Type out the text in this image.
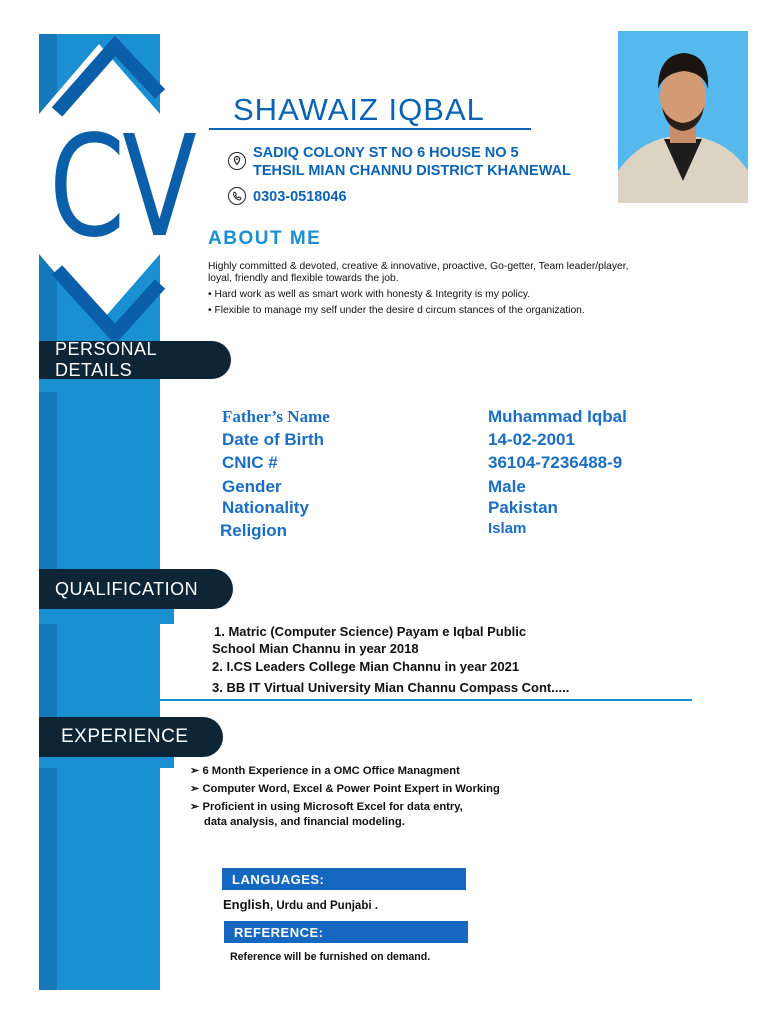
CV SHAWAIZ IQBAL
SADIQ COLONY ST NO 6 HOUSE NO 5
TEHSIL MIAN CHANNU DISTRICT KHANEWAL
0303-0518046
ABOUT ME

Highly committed & devoted, creative & innovative, proactive, Go-getter, Team leader/player, loyal, friendly and flexible towards the job.

• Hard work as well as smart work with honesty & Integrity is my policy.

• Flexible to manage my self under the desire d circum stances of the organization.

PERSONAL DETAILS
Father’s Name	Muhammad Iqbal
Date of Birth	14-02-2001
CNIC #	36104-7236488-9
Gender	Male
Nationality	Pakistan
Religion	Islam
QUALIFICATION
1. Matric (Computer Science) Payam e Iqbal Public
School Mian Channu in year 2018
2. I.CS Leaders College Mian Channu in year 2021
3. BB IT Virtual University Mian Channu Compass Cont.....
EXPERIENCE
➢ 6 Month Experience in a OMC Office Managment
➢ Computer Word, Excel & Power Point Expert in Working
➢ Proficient in using Microsoft Excel for data entry,
data analysis, and financial modeling.
LANGUAGES:
English, Urdu and Punjabi .
REFERENCE:
Reference will be furnished on demand.
